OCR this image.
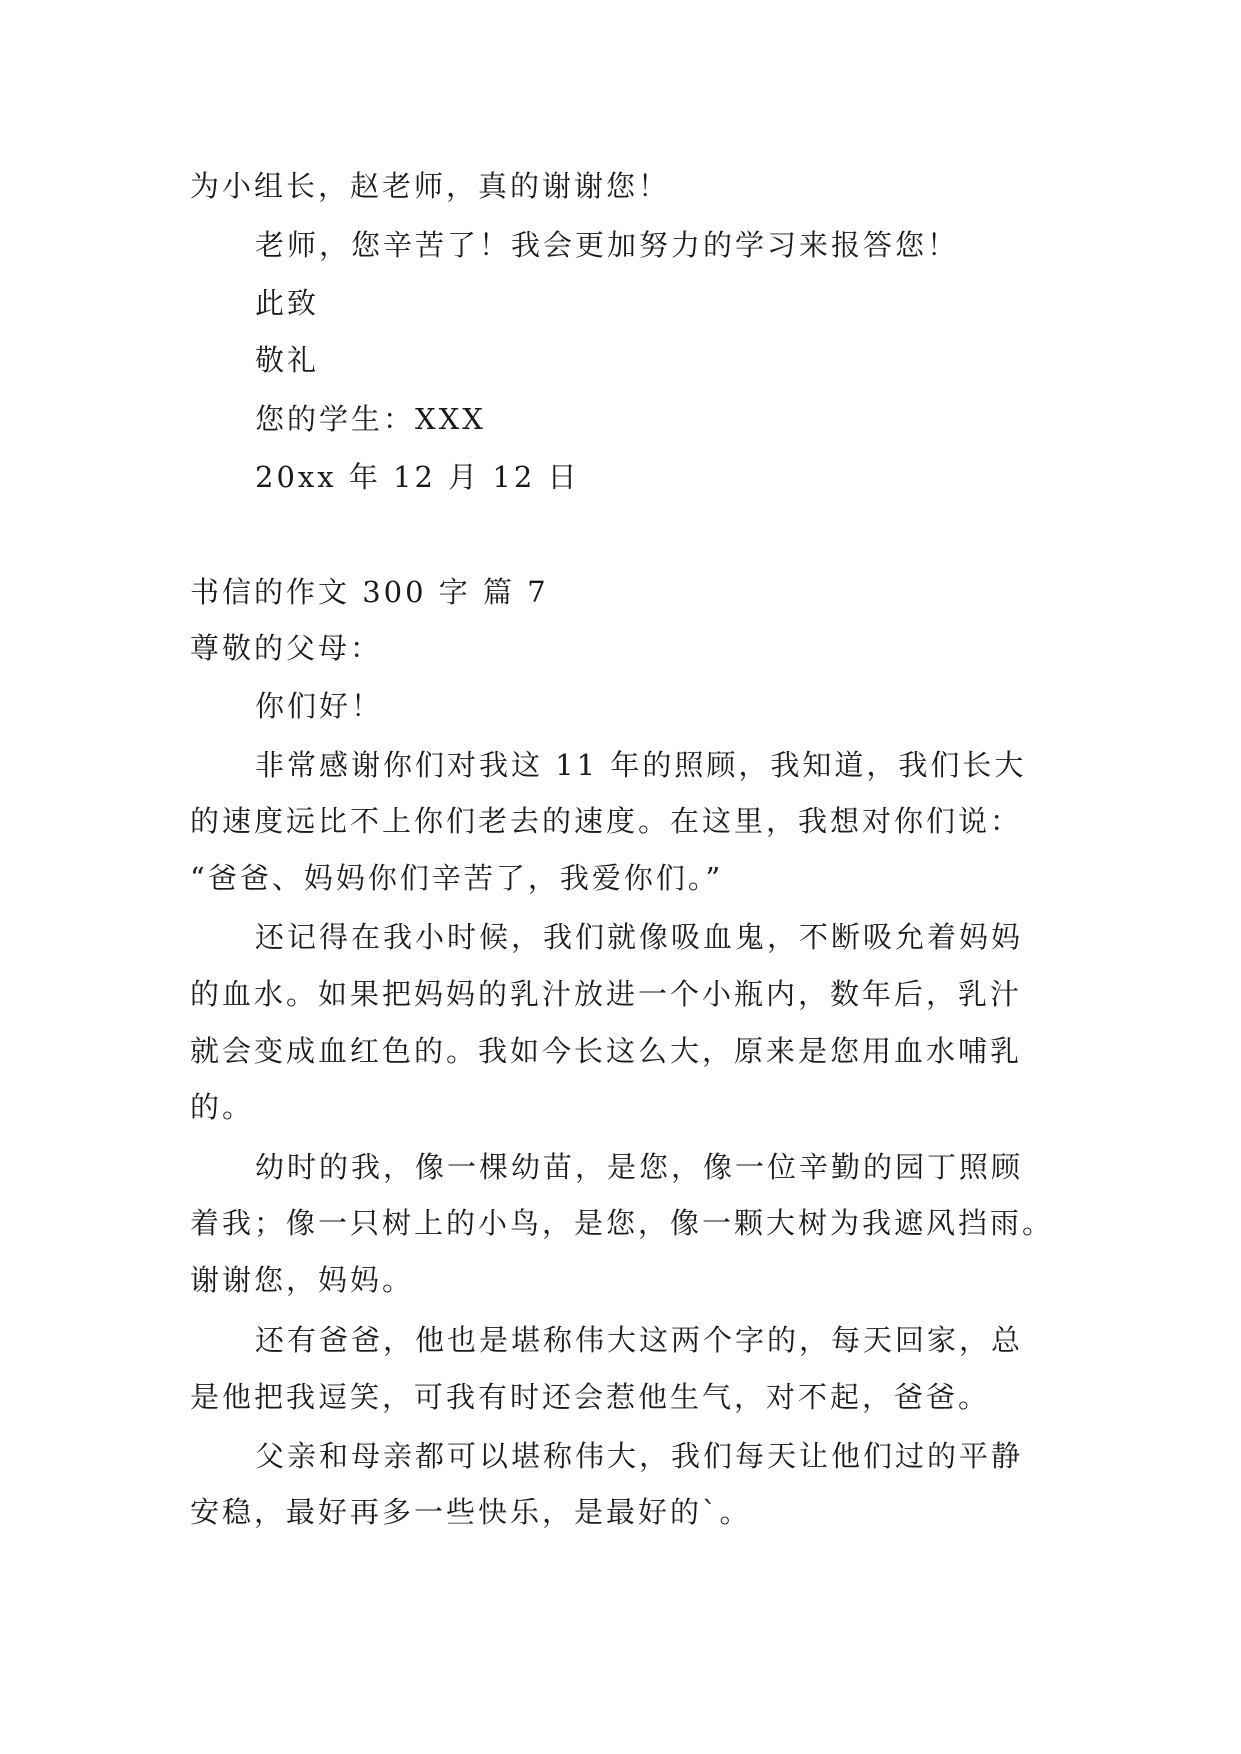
为小组长，赵老师，真的谢谢您！
老师，您辛苦了！我会更加努力的学习来报答您！
此致
敬礼
您的学生：XXX
20xx 年 12 月 12 日
书信的作文 300 字 篇 7
尊敬的父母：
你们好！
非常感谢你们对我这 11 年的照顾，我知道，我们长大
的速度远比不上你们老去的速度。在这里，我想对你们说：
“爸爸、妈妈你们辛苦了，我爱你们。”
还记得在我小时候，我们就像吸血鬼，不断吸允着妈妈
的血水。如果把妈妈的乳汁放进一个小瓶内，数年后，乳汁
就会变成血红色的。我如今长这么大，原来是您用血水哺乳
的。
幼时的我，像一棵幼苗，是您，像一位辛勤的园丁照顾
着我；像一只树上的小鸟，是您，像一颗大树为我遮风挡雨。
谢谢您，妈妈。
还有爸爸，他也是堪称伟大这两个字的，每天回家，总
是他把我逗笑，可我有时还会惹他生气，对不起，爸爸。
父亲和母亲都可以堪称伟大，我们每天让他们过的平静
安稳，最好再多一些快乐，是最好的`。
